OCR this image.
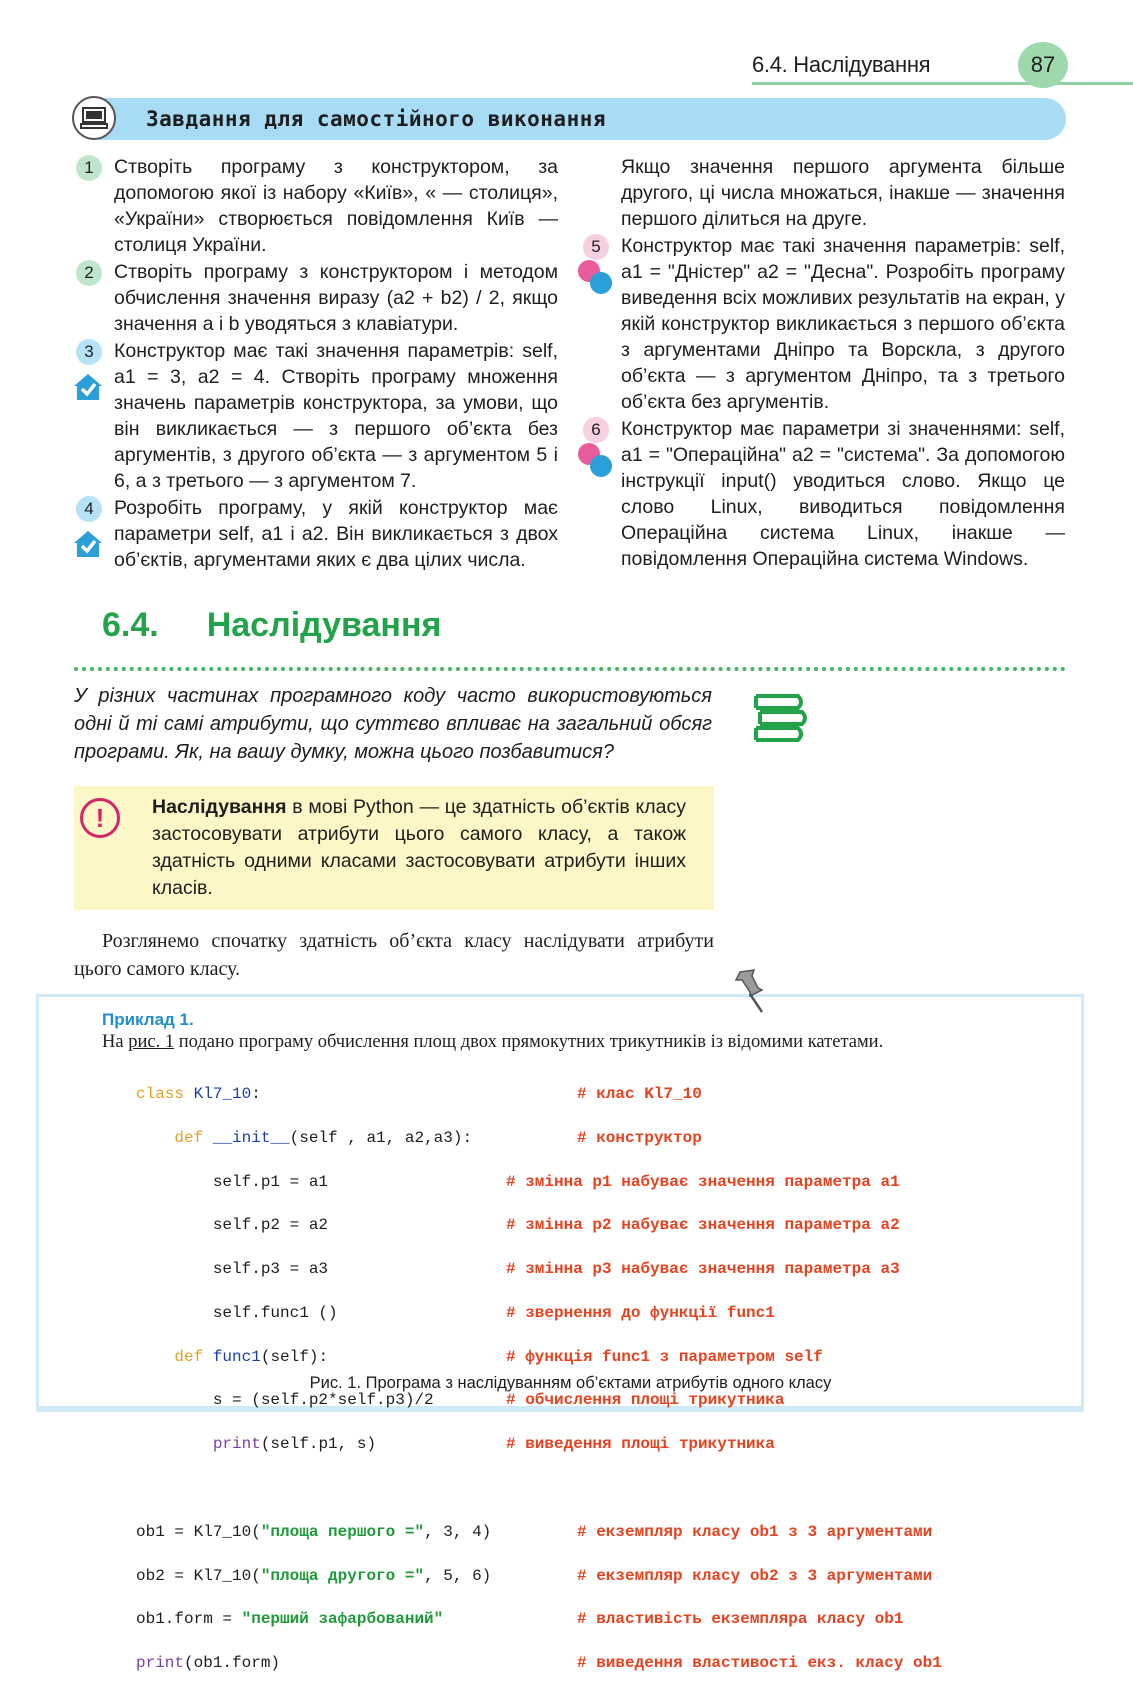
6.4. Наслідування	87
Завдання для самостійного виконання
1	Створіть програму з конструктором, за допомогою якої із набору «Київ», « — столиця», «України» створюється повідомлення Київ — столиця України.
2	Створіть програму з конструктором і методом обчислення значення виразу (a2 + b2) / 2, якщо значення a і b уводяться з клавіатури.
3	Конструктор має такі значення параметрів: self, a1 = 3, a2 = 4. Створіть програму множення значень параметрів конструктора, за умови, що він викликається — з першого об’єкта без аргументів, з другого об’єкта — з аргументом 5 і 6, а з третього — з аргументом 7.
4	Розробіть програму, у якій конструктор має параметри self, a1 і a2. Він викликається з двох об’єктів, аргументами яких є два цілих числа.
Якщо значення першого аргумента більше другого, ці числа множаться, інакше — значення першого ділиться на друге.
5	Конструктор має такі значення параметрів: self, a1 = "Дністер" a2 = "Десна". Розробіть програму виведення всіх можливих результатів на екран, у якій конструктор викликається з першого об’єкта з аргументами Дніпро та Ворскла, з другого об’єкта — з аргументом Дніпро, та з третього об’єкта без аргументів.
6	Конструктор має параметри зі значеннями: self, a1 = "Операційна" a2 = "система". За допомогою інструкції input() уводиться слово. Якщо це слово Linux, виводиться повідомлення Операційна система Linux, інакше — повідомлення Операційна система Windows.
6.4. Наслідування
У різних частинах програмного коду часто використовуються одні й ті самі атрибути, що суттєво впливає на загальний обсяг програми. Як, на вашу думку, можна цього позбавитися?
!	Наслідування в мові Python — це здатність об’єктів класу застосовувати атрибути цього самого класу, а також здатність одними класами застосовувати атрибути інших класів.
Розглянемо спочатку здатність об’єкта класу наслідувати атрибути цього самого класу.
Приклад 1.
На рис. 1 подано програму обчислення площ двох прямокутних трикутників із відомими катетами.

class Kl7_10:	# клас Kl7_10

def __init__(self , a1, a2,a3):	# конструктор

self.p1 = a1	# змінна p1 набуває значення параметра a1

self.p2 = a2	# змінна p2 набуває значення параметра a2

self.p3 = a3	# змінна p3 набуває значення параметра a3

self.func1 ()	# звернення до функції func1

def func1(self):	# функція func1 з параметром self

s = (self.p2*self.p3)/2	# обчислення площі трикутника

print(self.p1, s)	# виведення площі трикутника

ob1 = Kl7_10("площа першого =", 3, 4)	# екземпляр класу ob1 з 3 аргументами

ob2 = Kl7_10("площа другого =", 5, 6)	# екземпляр класу ob2 з 3 аргументами

ob1.form = "перший зафарбований"	# властивість екземпляра класу ob1

print(ob1.form)	# виведення властивості екз. класу ob1

Рис. 1. Програма з наслідуванням об’єктами атрибутів одного класу
